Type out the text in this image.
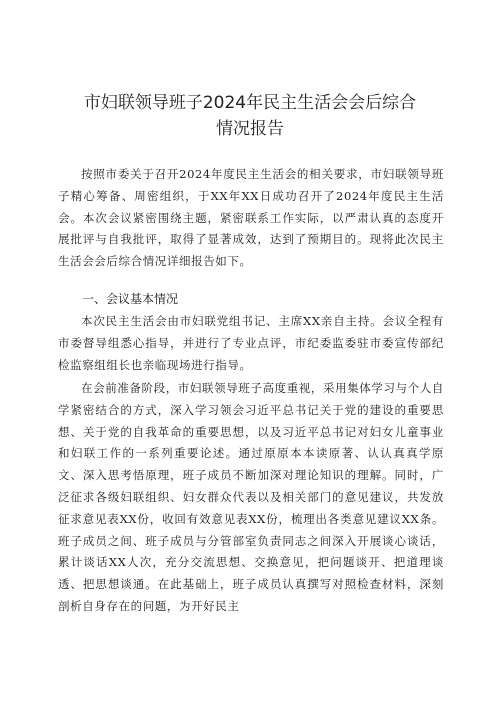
市妇联领导班子2024年民主生活会会后综合
情况报告

按照市委关于召开2024年度民主生活会的相关要求，市妇联领导班子精心筹备、周密组织，于XX年XX日成功召开了2024年度民主生活会。本次会议紧密围绕主题，紧密联系工作实际，以严肃认真的态度开展批评与自我批评，取得了显著成效，达到了预期目的。现将此次民主生活会会后综合情况详细报告如下。

一、会议基本情况

本次民主生活会由市妇联党组书记、主席XX亲自主持。会议全程有市委督导组悉心指导，并进行了专业点评，市纪委监委驻市委宣传部纪检监察组组长也亲临现场进行指导。

在会前准备阶段，市妇联领导班子高度重视，采用集体学习与个人自学紧密结合的方式，深入学习领会习近平总书记关于党的建设的重要思想、关于党的自我革命的重要思想，以及习近平总书记对妇女儿童事业和妇联工作的一系列重要论述。通过原原本本读原著、认认真真学原文、深入思考悟原理，班子成员不断加深对理论知识的理解。同时，广泛征求各级妇联组织、妇女群众代表以及相关部门的意见建议，共发放征求意见表XX份，收回有效意见表XX份，梳理出各类意见建议XX条。班子成员之间、班子成员与分管部室负责同志之间深入开展谈心谈话，累计谈话XX人次，充分交流思想、交换意见，把问题谈开、把道理谈透、把思想谈通。在此基础上，班子成员认真撰写对照检查材料，深刻剖析自身存在的问题，为开好民主
